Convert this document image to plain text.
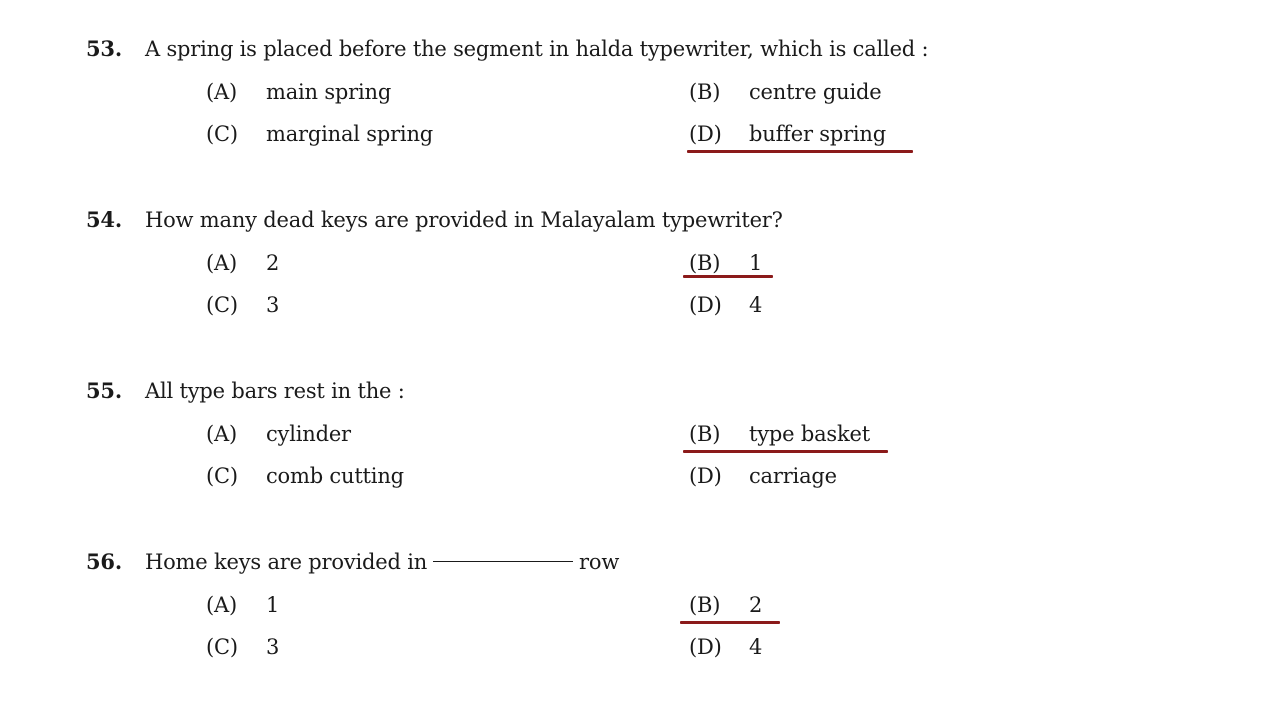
53. A spring is placed before the segment in halda typewriter, which is called :
(A) main spring	(B) centre guide
(C) marginal spring	(D) buffer spring
54. How many dead keys are provided in Malayalam typewriter?
(A) 2	(B) 1
(C) 3	(D) 4
55. All type bars rest in the :
(A) cylinder	(B) type basket
(C) comb cutting	(D) carriage
56. Home keys are provided in	row
(A) 1	(B) 2
(C) 3	(D) 4
